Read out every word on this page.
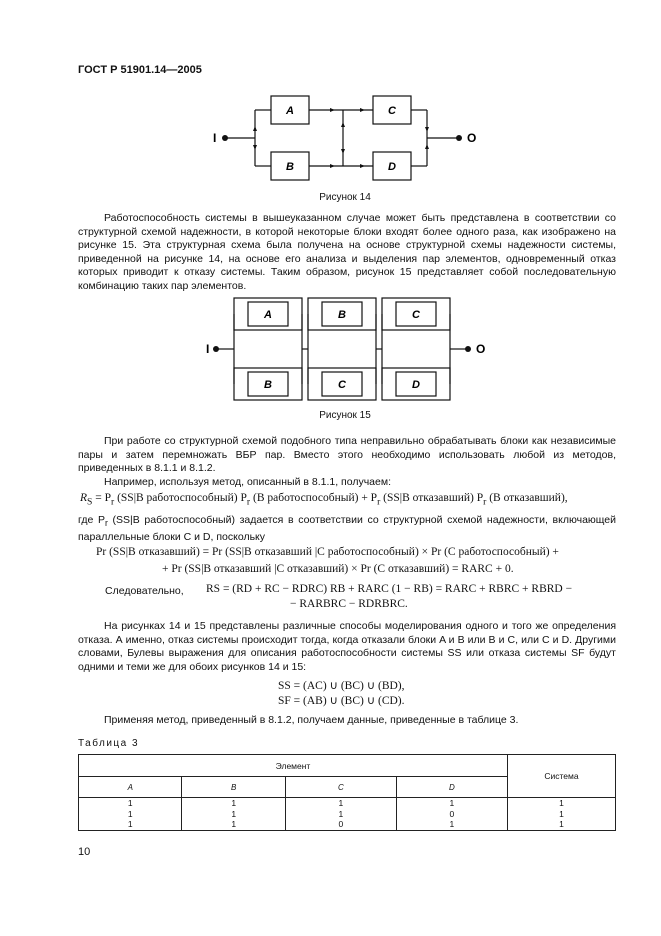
ГОСТ Р 51901.14—2005
I	O
A
B
C
D
Рисунок 14
Работоспособность системы в вышеуказанном случае может быть представлена в соответствии со структурной схемой надежности, в которой некоторые блоки входят более одного раза, как изображено на рисунке 15. Эта структурная схема была получена на основе структурной схемы надежности системы, приведенной на рисунке 14, на основе его анализа и выделения пар элементов, одновременный отказ которых приводит к отказу системы. Таким образом, рисунок 15 представляет собой последовательную комбинацию таких пар элементов.
I	O
A	B	C
B	C	D
Рисунок 15
При работе со структурной схемой подобного типа неправильно обрабатывать блоки как независимые пары и затем перемножать ВБР пар. Вместо этого необходимо использовать любой из методов, приведенных в 8.1.1 и 8.1.2.
Например, используя метод, описанный в 8.1.1, получаем:
$R_S = P_r$ (SS|B работоспособный) $P_r$ (B работоспособный) + $P_r$ (SS|B отказавший) $P_r$ (B отказавший),
где $P_r$ (SS|B работоспособный) задается в соответствии со структурной схемой надежности, включающей параллельные блоки C и D, поскольку
Pr (SS|B отказавший) = Pr (SS|B отказавший |C работоспособный) × Pr (C работоспособный) +
+ Pr (SS|B отказавший |C отказавший) × Pr (C отказавший) = RARC + 0.
Следовательно, RS = (RD + RC − RDRC) RB + RARC (1 − RB) = RARC + RBRC + RBRD −
− RARBRC − RDRBRC.
На рисунках 14 и 15 представлены различные способы моделирования одного и того же определения отказа. А именно, отказ системы происходит тогда, когда отказали блоки A и B или B и C, или C и D. Другими словами, Булевы выражения для описания работоспособности системы SS или отказа системы SF будут одними и теми же для обоих рисунков 14 и 15:
SS = (AC) ∪ (BC) ∪ (BD),
SF = (AB) ∪ (BC) ∪ (CD).
Применяя метод, приведенный в 8.1.2, получаем данные, приведенные в таблице 3.
Таблица 3
Элемент				Система
A	B	C	D	
1	1	1	1	1
1	1	1	0	1
1	1	0	1	1
10
